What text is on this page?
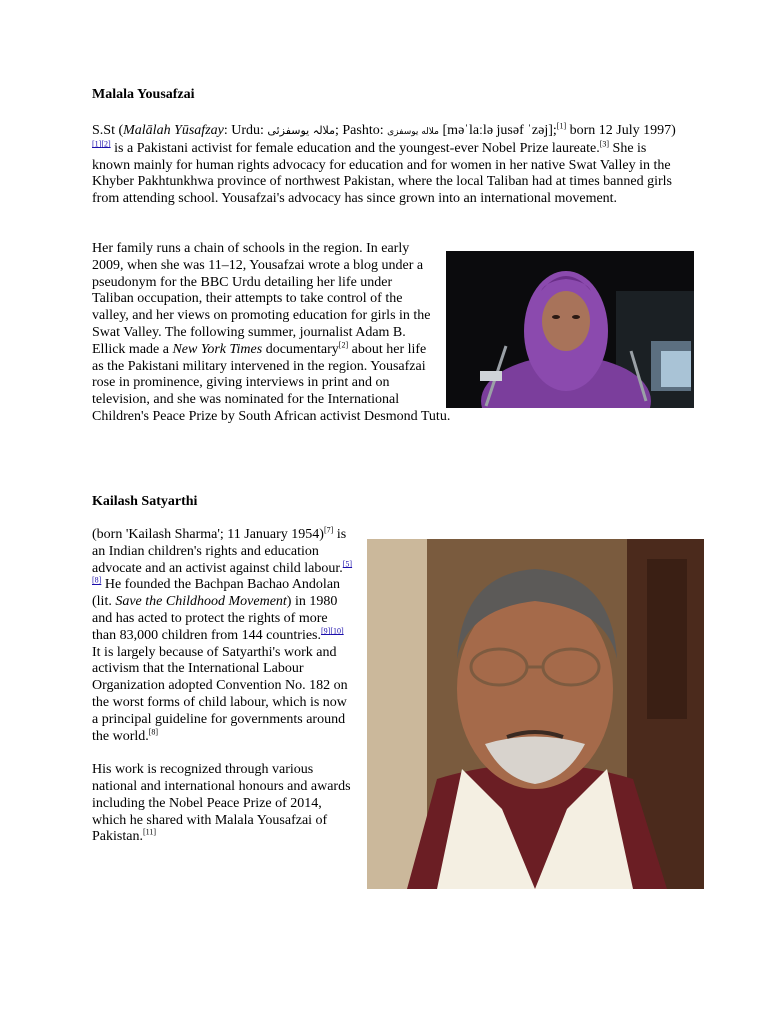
Malala Yousafzai
S.St (Malālah Yūsafzay: Urdu: ملالہ یوسفزئی; Pashto: ملاله یوسفزی [məˈlaːlə jusəf ˈzəj];[1] born 12 July 1997)[1][2] is a Pakistani activist for female education and the youngest-ever Nobel Prize laureate.[3] She is known mainly for human rights advocacy for education and for women in her native Swat Valley in the Khyber Pakhtunkhwa province of northwest Pakistan, where the local Taliban had at times banned girls from attending school. Yousafzai's advocacy has since grown into an international movement.
Her family runs a chain of schools in the region. In early 2009, when she was 11–12, Yousafzai wrote a blog under a pseudonym for the BBC Urdu detailing her life under Taliban occupation, their attempts to take control of the valley, and her views on promoting education for girls in the Swat Valley. The following summer, journalist Adam B. Ellick made a New York Times documentary[2] about her life as the Pakistani military intervened in the region. Yousafzai rose in prominence, giving interviews in print and on television, and she was nominated for the International Children's Peace Prize by South African activist Desmond Tutu.
Kailash Satyarthi
(born 'Kailash Sharma'; 11 January 1954)[7] is an Indian children's rights and education advocate and an activist against child labour.[5][8] He founded the Bachpan Bachao Andolan (lit. Save the Childhood Movement) in 1980 and has acted to protect the rights of more than 83,000 children from 144 countries.[9][10] It is largely because of Satyarthi's work and activism that the International Labour Organization adopted Convention No. 182 on the worst forms of child labour, which is now a principal guideline for governments around the world.[8]
His work is recognized through various national and international honours and awards including the Nobel Peace Prize of 2014, which he shared with Malala Yousafzai of Pakistan.[11]
